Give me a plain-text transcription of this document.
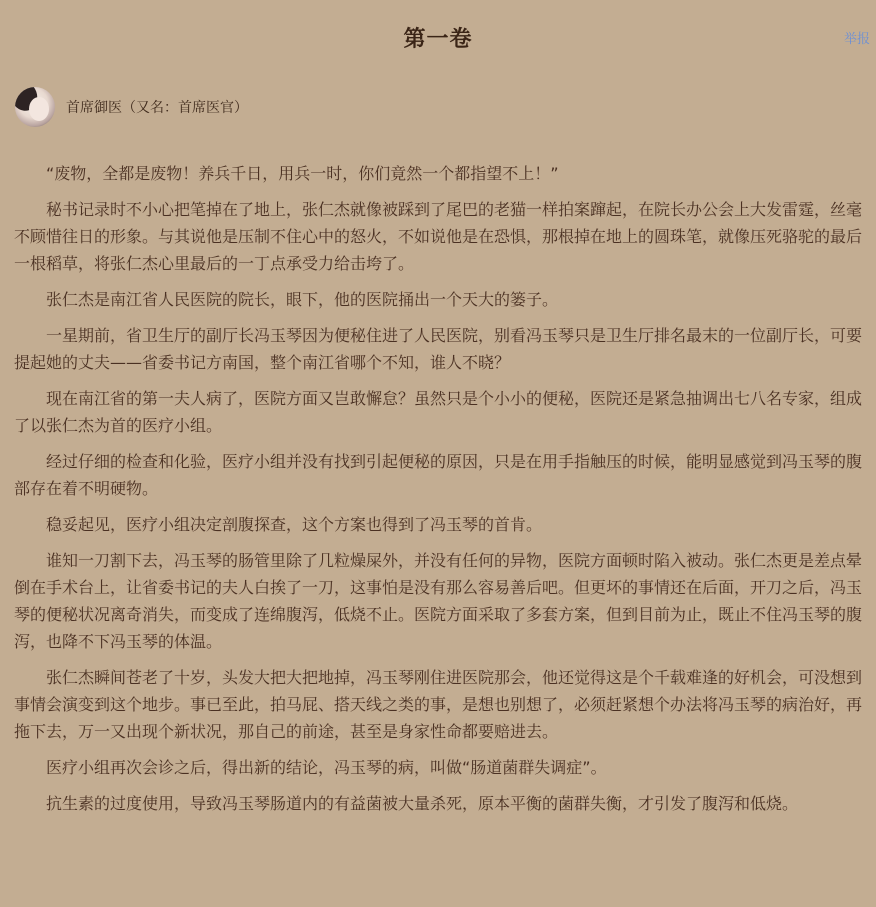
第一卷	举报
首席御医（又名：首席医官）

“废物，全都是废物！养兵千日，用兵一时，你们竟然一个都指望不上！”

秘书记录时不小心把笔掉在了地上，张仁杰就像被踩到了尾巴的老猫一样拍案蹿起，在院长办公会上大发雷霆，丝毫不顾惜往日的形象。与其说他是压制不住心中的怒火，不如说他是在恐惧，那根掉在地上的圆珠笔，就像压死骆驼的最后一根稻草，将张仁杰心里最后的一丁点承受力给击垮了。

张仁杰是南江省人民医院的院长，眼下，他的医院捅出一个天大的篓子。

一星期前，省卫生厅的副厅长冯玉琴因为便秘住进了人民医院，别看冯玉琴只是卫生厅排名最末的一位副厅长，可要提起她的丈夫——省委书记方南国，整个南江省哪个不知，谁人不晓？

现在南江省的第一夫人病了，医院方面又岂敢懈怠？虽然只是个小小的便秘，医院还是紧急抽调出七八名专家，组成了以张仁杰为首的医疗小组。

经过仔细的检查和化验，医疗小组并没有找到引起便秘的原因，只是在用手指触压的时候，能明显感觉到冯玉琴的腹部存在着不明硬物。

稳妥起见，医疗小组决定剖腹探查，这个方案也得到了冯玉琴的首肯。

谁知一刀割下去，冯玉琴的肠管里除了几粒燥屎外，并没有任何的异物，医院方面顿时陷入被动。张仁杰更是差点晕倒在手术台上，让省委书记的夫人白挨了一刀，这事怕是没有那么容易善后吧。但更坏的事情还在后面，开刀之后，冯玉琴的便秘状况离奇消失，而变成了连绵腹泻，低烧不止。医院方面采取了多套方案，但到目前为止，既止不住冯玉琴的腹泻，也降不下冯玉琴的体温。

张仁杰瞬间苍老了十岁，头发大把大把地掉，冯玉琴刚住进医院那会，他还觉得这是个千载难逢的好机会，可没想到事情会演变到这个地步。事已至此，拍马屁、搭天线之类的事，是想也别想了，必须赶紧想个办法将冯玉琴的病治好，再拖下去，万一又出现个新状况，那自己的前途，甚至是身家性命都要赔进去。

医疗小组再次会诊之后，得出新的结论，冯玉琴的病，叫做“肠道菌群失调症”。

抗生素的过度使用，导致冯玉琴肠道内的有益菌被大量杀死，原本平衡的菌群失衡，才引发了腹泻和低烧。
